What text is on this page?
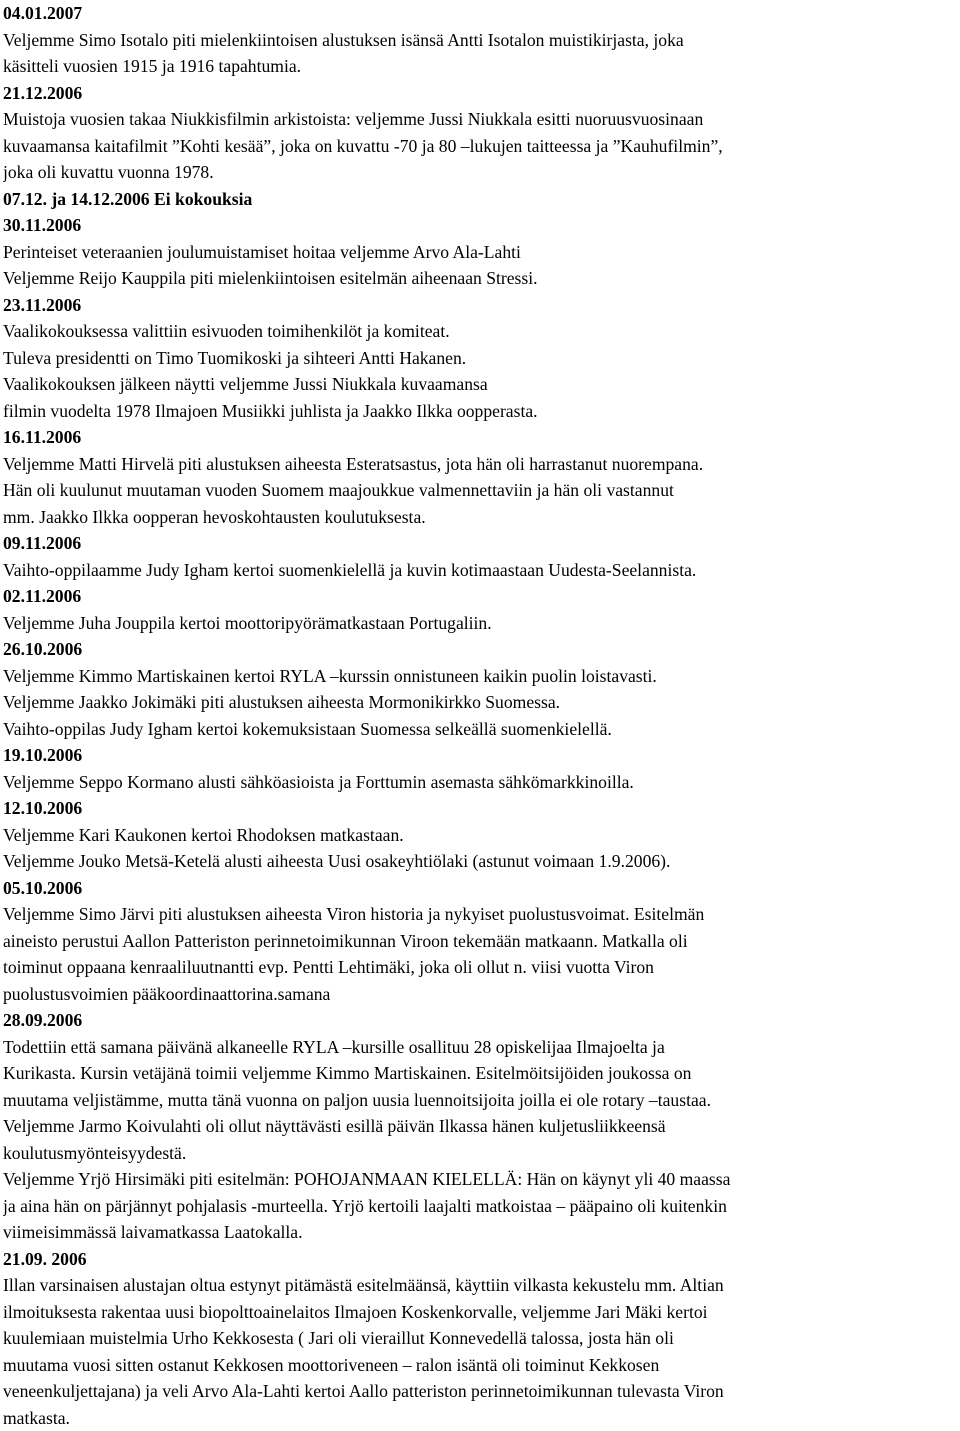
04.01.2007
Veljemme Simo Isotalo piti mielenkiintoisen alustuksen isänsä Antti Isotalon muistikirjasta, joka
käsitteli vuosien 1915 ja 1916 tapahtumia.
21.12.2006
Muistoja vuosien takaa Niukkisfilmin arkistoista: veljemme Jussi Niukkala esitti nuoruusvuosinaan
kuvaamansa kaitafilmit ”Kohti kesää”, joka on kuvattu -70 ja 80 –lukujen taitteessa ja ”Kauhufilmin”,
joka oli kuvattu vuonna 1978.
07.12. ja 14.12.2006 Ei kokouksia
30.11.2006
Perinteiset veteraanien joulumuistamiset hoitaa veljemme Arvo Ala-Lahti
Veljemme Reijo Kauppila piti mielenkiintoisen esitelmän aiheenaan Stressi.
23.11.2006
Vaalikokouksessa valittiin esivuoden toimihenkilöt ja komiteat.
Tuleva presidentti on Timo Tuomikoski ja sihteeri Antti Hakanen.
Vaalikokouksen jälkeen näytti veljemme Jussi Niukkala kuvaamansa
filmin vuodelta 1978 Ilmajoen Musiikki juhlista ja Jaakko Ilkka oopperasta.
16.11.2006
Veljemme Matti Hirvelä piti alustuksen aiheesta Esteratsastus, jota hän oli harrastanut nuorempana.
Hän oli kuulunut muutaman vuoden Suomem maajoukkue valmennettaviin ja hän oli vastannut
mm. Jaakko Ilkka oopperan hevoskohtausten koulutuksesta.
09.11.2006
Vaihto-oppilaamme Judy Igham kertoi suomenkielellä ja kuvin kotimaastaan Uudesta-Seelannista.
02.11.2006
Veljemme Juha Jouppila kertoi moottoripyörämatkastaan Portugaliin.
26.10.2006
Veljemme Kimmo Martiskainen kertoi RYLA –kurssin onnistuneen kaikin puolin loistavasti.
Veljemme Jaakko Jokimäki piti alustuksen aiheesta Mormonikirkko Suomessa.
Vaihto-oppilas Judy Igham kertoi kokemuksistaan Suomessa selkeällä suomenkielellä.
19.10.2006
Veljemme Seppo Kormano alusti sähköasioista ja Forttumin asemasta sähkömarkkinoilla.
12.10.2006
Veljemme Kari Kaukonen kertoi Rhodoksen matkastaan.
Veljemme Jouko Metsä-Ketelä alusti aiheesta Uusi osakeyhtiölaki (astunut voimaan 1.9.2006).
05.10.2006
Veljemme Simo Järvi piti alustuksen aiheesta Viron historia ja nykyiset puolustusvoimat. Esitelmän
aineisto perustui Aallon Patteriston perinnetoimikunnan Viroon tekemään matkaann. Matkalla oli
toiminut oppaana kenraaliluutnantti evp. Pentti Lehtimäki, joka oli ollut n. viisi vuotta Viron
puolustusvoimien pääkoordinaattorina.samana
28.09.2006
Todettiin että samana päivänä alkaneelle RYLA –kursille osallituu 28 opiskelijaa Ilmajoelta ja
Kurikasta. Kursin vetäjänä toimii veljemme Kimmo Martiskainen. Esitelmöitsijöiden joukossa on
muutama veljistämme, mutta tänä vuonna on paljon uusia luennoitsijoita joilla ei ole rotary –taustaa.
Veljemme Jarmo Koivulahti oli ollut näyttävästi esillä päivän Ilkassa hänen kuljetusliikkeensä
koulutusmyönteisyydestä.
Veljemme Yrjö Hirsimäki piti esitelmän: POHOJANMAAN KIELELLÄ: Hän on käynyt yli 40 maassa
ja aina hän on pärjännyt pohjalasis -murteella. Yrjö kertoili laajalti matkoistaa – pääpaino oli kuitenkin
viimeisimmässä laivamatkassa Laatokalla.
21.09. 2006
Illan varsinaisen alustajan oltua estynyt pitämästä esitelmäänsä, käyttiin vilkasta kekustelu mm. Altian
ilmoituksesta rakentaa uusi biopolttoainelaitos Ilmajoen Koskenkorvalle, veljemme Jari Mäki kertoi
kuulemiaan muistelmia Urho Kekkosesta ( Jari oli vieraillut Konnevedellä talossa, josta hän oli
muutama vuosi sitten ostanut Kekkosen moottoriveneen – ralon isäntä oli toiminut Kekkosen
veneenkuljettajana) ja veli Arvo Ala-Lahti kertoi Aallo patteriston perinnetoimikunnan tulevasta Viron
matkasta.
